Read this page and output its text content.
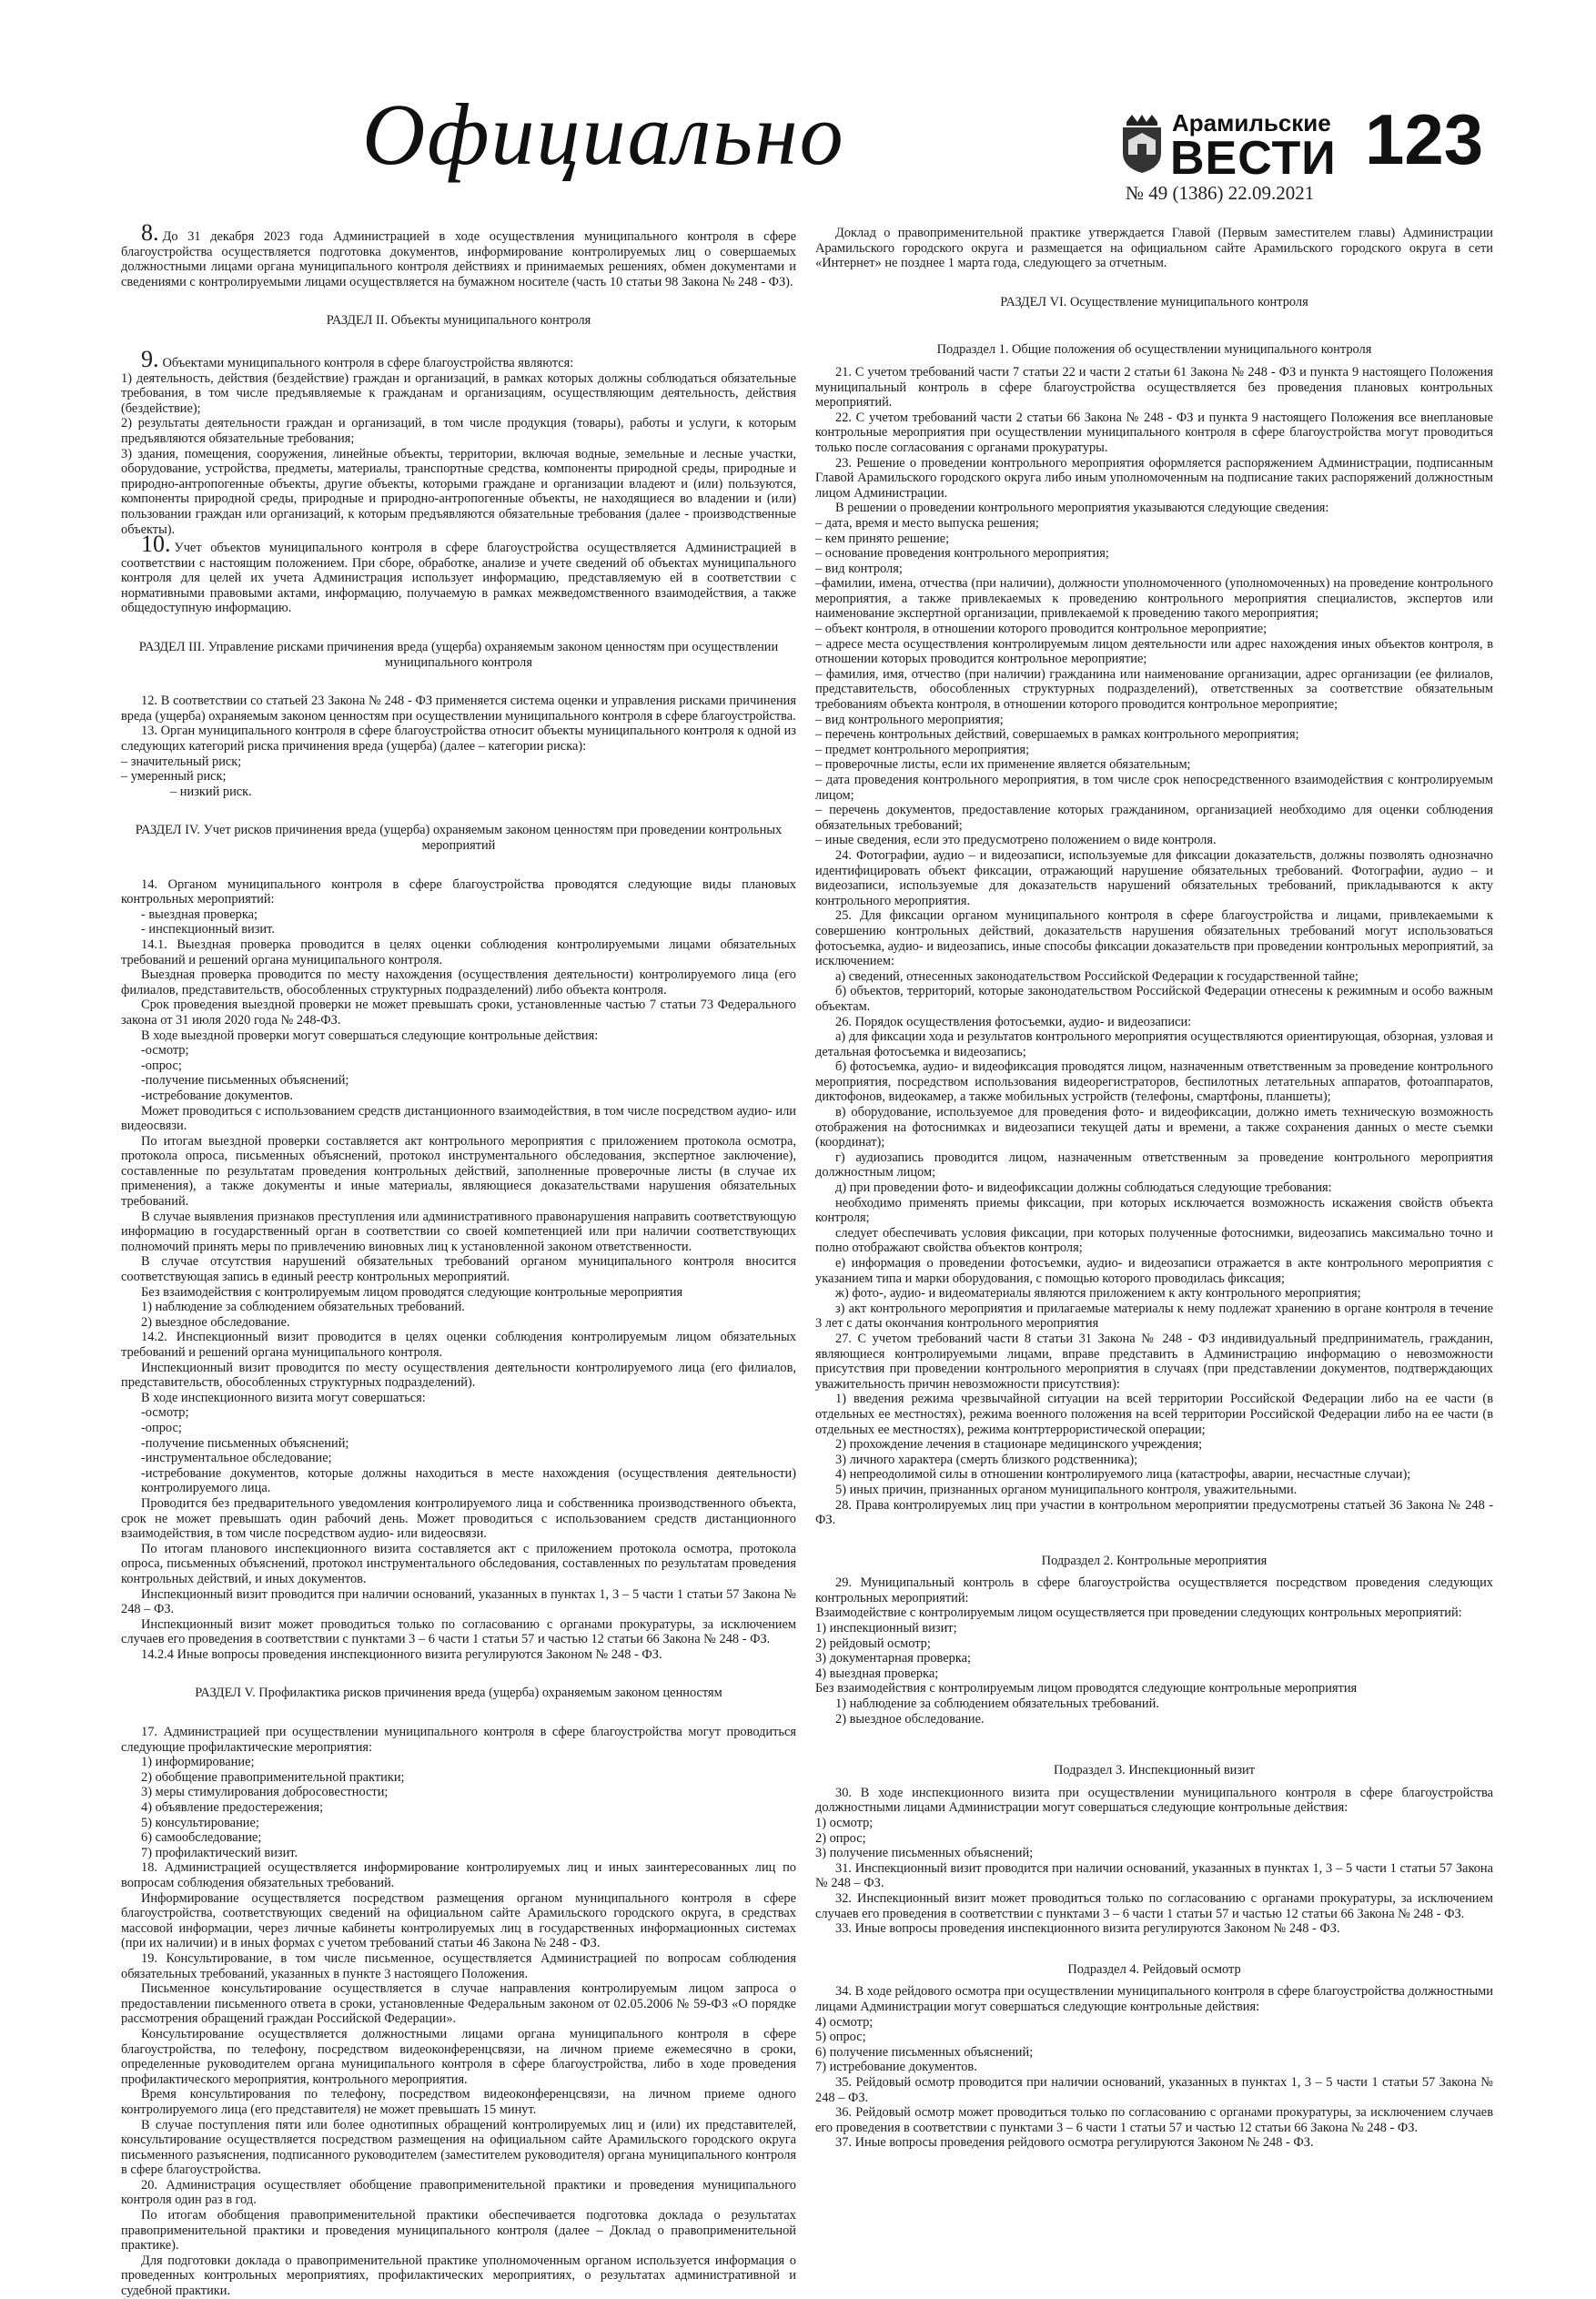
Официально	Арамильские
ВЕСТИ 123
№ 49 (1386) 22.09.2021

8. До 31 декабря 2023 года Администрацией в ходе осуществления муниципального контроля в сфере благоустройства осуществляется подготовка документов, информирование контролируемых лиц о совершаемых должностными лицами органа муниципального контроля действиях и принимаемых решениях, обмен документами и сведениями с контролируемыми лицами осуществляется на бумажном носителе (часть 10 статьи 98 Закона № 248 - ФЗ).

РАЗДЕЛ II. Объекты муниципального контроля

9. Объектами муниципального контроля в сфере благоустройства являются:

1) деятельность, действия (бездействие) граждан и организаций, в рамках которых должны соблюдаться обязательные требования, в том числе предъявляемые к гражданам и организациям, осуществляющим деятельность, действия (бездействие);

2) результаты деятельности граждан и организаций, в том числе продукция (товары), работы и услуги, к которым предъявляются обязательные требования;

3) здания, помещения, сооружения, линейные объекты, территории, включая водные, земельные и лесные участки, оборудование, устройства, предметы, материалы, транспортные средства, компоненты природной среды, природные и природно-антропогенные объекты, другие объекты, которыми граждане и организации владеют и (или) пользуются, компоненты природной среды, природные и природно-антропогенные объекты, не находящиеся во владении и (или) пользовании граждан или организаций, к которым предъявляются обязательные требования (далее - производственные объекты).

10. Учет объектов муниципального контроля в сфере благоустройства осуществляется Администрацией в соответствии с настоящим положением. При сборе, обработке, анализе и учете сведений об объектах муниципального контроля для целей их учета Администрация использует информацию, представляемую ей в соответствии с нормативными правовыми актами, информацию, получаемую в рамках межведомственного взаимодействия, а также общедоступную информацию.

РАЗДЕЛ III. Управление рисками причинения вреда (ущерба) охраняемым законом ценностям при осуществлении муниципального контроля

12. В соответствии со статьей 23 Закона № 248 - ФЗ применяется система оценки и управления рисками причинения вреда (ущерба) охраняемым законом ценностям при осуществлении муниципального контроля в сфере благоустройства.

13. Орган муниципального контроля в сфере благоустройства относит объекты муниципального контроля к одной из следующих категорий риска причинения вреда (ущерба) (далее – категории риска):

– значительный риск;

– умеренный риск;

– низкий риск.

РАЗДЕЛ IV. Учет рисков причинения вреда (ущерба) охраняемым законом ценностям при проведении контрольных мероприятий

14. Органом муниципального контроля в сфере благоустройства проводятся следующие виды плановых контрольных мероприятий:

- выездная проверка;

- инспекционный визит.

14.1. Выездная проверка проводится в целях оценки соблюдения контролируемыми лицами обязательных требований и решений органа муниципального контроля.

Выездная проверка проводится по месту нахождения (осуществления деятельности) контролируемого лица (его филиалов, представительств, обособленных структурных подразделений) либо объекта контроля.

Срок проведения выездной проверки не может превышать сроки, установленные частью 7 статьи 73 Федерального закона от 31 июля 2020 года № 248-ФЗ.

В ходе выездной проверки могут совершаться следующие контрольные действия:

-осмотр;

-опрос;

-получение письменных объяснений;

-истребование документов.

Может проводиться с использованием средств дистанционного взаимодействия, в том числе посредством аудио- или видеосвязи.

По итогам выездной проверки составляется акт контрольного мероприятия с приложением протокола осмотра, протокола опроса, письменных объяснений, протокол инструментального обследования, экспертное заключение), составленные по результатам проведения контрольных действий, заполненные проверочные листы (в случае их применения), а также документы и иные материалы, являющиеся доказательствами нарушения обязательных требований.

В случае выявления признаков преступления или административного правонарушения направить соответствующую информацию в государственный орган в соответствии со своей компетенцией или при наличии соответствующих полномочий принять меры по привлечению виновных лиц к установленной законом ответственности.

В случае отсутствия нарушений обязательных требований органом муниципального контроля вносится соответствующая запись в единый реестр контрольных мероприятий.

Без взаимодействия с контролируемым лицом проводятся следующие контрольные мероприятия

1) наблюдение за соблюдением обязательных требований.

2) выездное обследование.

14.2. Инспекционный визит проводится в целях оценки соблюдения контролируемым лицом обязательных требований и решений органа муниципального контроля.

Инспекционный визит проводится по месту осуществления деятельности контролируемого лица (его филиалов, представительств, обособленных структурных подразделений).

В ходе инспекционного визита могут совершаться:

-осмотр;

-опрос;

-получение письменных объяснений;

-инструментальное обследование;

-истребование документов, которые должны находиться в месте нахождения (осуществления деятельности) контролируемого лица.

Проводится без предварительного уведомления контролируемого лица и собственника производственного объекта, срок не может превышать один рабочий день. Может проводиться с использованием средств дистанционного взаимодействия, в том числе посредством аудио- или видеосвязи.

По итогам планового инспекционного визита составляется акт с приложением протокола осмотра, протокола опроса, письменных объяснений, протокол инструментального обследования, составленных по результатам проведения контрольных действий, и иных документов.

Инспекционный визит проводится при наличии оснований, указанных в пунктах 1, 3 – 5 части 1 статьи 57 Закона № 248 – ФЗ.

Инспекционный визит может проводиться только по согласованию с органами прокуратуры, за исключением случаев его проведения в соответствии с пунктами 3 – 6 части 1 статьи 57 и частью 12 статьи 66 Закона № 248 - ФЗ.

14.2.4 Иные вопросы проведения инспекционного визита регулируются Законом № 248 - ФЗ.

РАЗДЕЛ V. Профилактика рисков причинения вреда (ущерба) охраняемым законом ценностям

17. Администрацией при осуществлении муниципального контроля в сфере благоустройства могут проводиться следующие профилактические мероприятия:

1) информирование;

2) обобщение правоприменительной практики;

3) меры стимулирования добросовестности;

4) объявление предостережения;

5) консультирование;

6) самообследование;

7) профилактический визит.

18. Администрацией осуществляется информирование контролируемых лиц и иных заинтересованных лиц по вопросам соблюдения обязательных требований.

Информирование осуществляется посредством размещения органом муниципального контроля в сфере благоустройства, соответствующих сведений на официальном сайте Арамильского городского округа, в средствах массовой информации, через личные кабинеты контролируемых лиц в государственных информационных системах (при их наличии) и в иных формах с учетом требований статьи 46 Закона № 248 - ФЗ.

19. Консультирование, в том числе письменное, осуществляется Администрацией по вопросам соблюдения обязательных требований, указанных в пункте 3 настоящего Положения.

Письменное консультирование осуществляется в случае направления контролируемым лицом запроса о предоставлении письменного ответа в сроки, установленные Федеральным законом от 02.05.2006 № 59-ФЗ «О порядке рассмотрения обращений граждан Российской Федерации».

Консультирование осуществляется должностными лицами органа муниципального контроля в сфере благоустройства, по телефону, посредством видеоконференцсвязи, на личном приеме ежемесячно в сроки, определенные руководителем органа муниципального контроля в сфере благоустройства, либо в ходе проведения профилактического мероприятия, контрольного мероприятия.

Время консультирования по телефону, посредством видеоконференцсвязи, на личном приеме одного контролируемого лица (его представителя) не может превышать 15 минут.

В случае поступления пяти или более однотипных обращений контролируемых лиц и (или) их представителей, консультирование осуществляется посредством размещения на официальном сайте Арамильского городского округа письменного разъяснения, подписанного руководителем (заместителем руководителя) органа муниципального контроля в сфере благоустройства.

20. Администрация осуществляет обобщение правоприменительной практики и проведения муниципального контроля один раз в год.

По итогам обобщения правоприменительной практики обеспечивается подготовка доклада о результатах правоприменительной практики и проведения муниципального контроля (далее – Доклад о правоприменительной практике).

Для подготовки доклада о правоприменительной практике уполномоченным органом используется информация о проведенных контрольных мероприятиях, профилактических мероприятиях, о результатах административной и судебной практики.

Доклад о правоприменительной практике утверждается Главой (Первым заместителем главы) Администрации Арамильского городского округа и размещается на официальном сайте Арамильского городского округа в сети «Интернет» не позднее 1 марта года, следующего за отчетным.

РАЗДЕЛ VI. Осуществление муниципального контроля

Подраздел 1. Общие положения об осуществлении муниципального контроля

21. С учетом требований части 7 статьи 22 и части 2 статьи 61 Закона № 248 - ФЗ и пункта 9 настоящего Положения муниципальный контроль в сфере благоустройства осуществляется без проведения плановых контрольных мероприятий.

22. С учетом требований части 2 статьи 66 Закона № 248 - ФЗ и пункта 9 настоящего Положения все внеплановые контрольные мероприятия при осуществлении муниципального контроля в сфере благоустройства могут проводиться только после согласования с органами прокуратуры.

23. Решение о проведении контрольного мероприятия оформляется распоряжением Администрации, подписанным Главой Арамильского городского округа либо иным уполномоченным на подписание таких распоряжений должностным лицом Администрации.

В решении о проведении контрольного мероприятия указываются следующие сведения:

– дата, время и место выпуска решения;

– кем принято решение;

– основание проведения контрольного мероприятия;

– вид контроля;

–фамилии, имена, отчества (при наличии), должности уполномоченного (уполномоченных) на проведение контрольного мероприятия, а также привлекаемых к проведению контрольного мероприятия специалистов, экспертов или наименование экспертной организации, привлекаемой к проведению такого мероприятия;

– объект контроля, в отношении которого проводится контрольное мероприятие;

– адресе места осуществления контролируемым лицом деятельности или адрес нахождения иных объектов контроля, в отношении которых проводится контрольное мероприятие;

– фамилия, имя, отчество (при наличии) гражданина или наименование организации, адрес организации (ее филиалов, представительств, обособленных структурных подразделений), ответственных за соответствие обязательным требованиям объекта контроля, в отношении которого проводится контрольное мероприятие;

– вид контрольного мероприятия;

– перечень контрольных действий, совершаемых в рамках контрольного мероприятия;

– предмет контрольного мероприятия;

– проверочные листы, если их применение является обязательным;

– дата проведения контрольного мероприятия, в том числе срок непосредственного взаимодействия с контролируемым лицом;

– перечень документов, предоставление которых гражданином, организацией необходимо для оценки соблюдения обязательных требований;

– иные сведения, если это предусмотрено положением о виде контроля.

24. Фотографии, аудио – и видеозаписи, используемые для фиксации доказательств, должны позволять однозначно идентифицировать объект фиксации, отражающий нарушение обязательных требований. Фотографии, аудио – и видеозаписи, используемые для доказательств нарушений обязательных требований, прикладываются к акту контрольного мероприятия.

25. Для фиксации органом муниципального контроля в сфере благоустройства и лицами, привлекаемыми к совершению контрольных действий, доказательств нарушения обязательных требований могут использоваться фотосъемка, аудио- и видеозапись, иные способы фиксации доказательств при проведении контрольных мероприятий, за исключением:

а) сведений, отнесенных законодательством Российской Федерации к государственной тайне;

б) объектов, территорий, которые законодательством Российской Федерации отнесены к режимным и особо важным объектам.

26. Порядок осуществления фотосъемки, аудио- и видеозаписи:

а) для фиксации хода и результатов контрольного мероприятия осуществляются ориентирующая, обзорная, узловая и детальная фотосъемка и видеозапись;

б) фотосъемка, аудио- и видеофиксация проводятся лицом, назначенным ответственным за проведение контрольного мероприятия, посредством использования видеорегистраторов, беспилотных летательных аппаратов, фотоаппаратов, диктофонов, видеокамер, а также мобильных устройств (телефоны, смартфоны, планшеты);

в) оборудование, используемое для проведения фото- и видеофиксации, должно иметь техническую возможность отображения на фотоснимках и видеозаписи текущей даты и времени, а также сохранения данных о месте съемки (координат);

г) аудиозапись проводится лицом, назначенным ответственным за проведение контрольного мероприятия должностным лицом;

д) при проведении фото- и видеофиксации должны соблюдаться следующие требования:

необходимо применять приемы фиксации, при которых исключается возможность искажения свойств объекта контроля;

следует обеспечивать условия фиксации, при которых полученные фотоснимки, видеозапись максимально точно и полно отображают свойства объектов контроля;

е) информация о проведении фотосъемки, аудио- и видеозаписи отражается в акте контрольного мероприятия с указанием типа и марки оборудования, с помощью которого проводилась фиксация;

ж) фото-, аудио- и видеоматериалы являются приложением к акту контрольного мероприятия;

з) акт контрольного мероприятия и прилагаемые материалы к нему подлежат хранению в органе контроля в течение 3 лет с даты окончания контрольного мероприятия

27. С учетом требований части 8 статьи 31 Закона № 248 - ФЗ индивидуальный предприниматель, гражданин, являющиеся контролируемыми лицами, вправе представить в Администрацию информацию о невозможности присутствия при проведении контрольного мероприятия в случаях (при представлении документов, подтверждающих уважительность причин невозможности присутствия):

1) введения режима чрезвычайной ситуации на всей территории Российской Федерации либо на ее части (в отдельных ее местностях), режима военного положения на всей территории Российской Федерации либо на ее части (в отдельных ее местностях), режима контртеррористической операции;

2) прохождение лечения в стационаре медицинского учреждения;

3) личного характера (смерть близкого родственника);

4) непреодолимой силы в отношении контролируемого лица (катастрофы, аварии, несчастные случаи);

5) иных причин, признанных органом муниципального контроля, уважительными.

28. Права контролируемых лиц при участии в контрольном мероприятии предусмотрены статьей 36 Закона № 248 - ФЗ.

Подраздел 2. Контрольные мероприятия

29. Муниципальный контроль в сфере благоустройства осуществляется посредством проведения следующих контрольных мероприятий:

Взаимодействие с контролируемым лицом осуществляется при проведении следующих контрольных мероприятий:

1) инспекционный визит;

2) рейдовый осмотр;

3) документарная проверка;

4) выездная проверка;

Без взаимодействия с контролируемым лицом проводятся следующие контрольные мероприятия

1) наблюдение за соблюдением обязательных требований.

2) выездное обследование.

Подраздел 3. Инспекционный визит

30. В ходе инспекционного визита при осуществлении муниципального контроля в сфере благоустройства должностными лицами Администрации могут совершаться следующие контрольные действия:

1) осмотр;

2) опрос;

3) получение письменных объяснений;

31. Инспекционный визит проводится при наличии оснований, указанных в пунктах 1, 3 – 5 части 1 статьи 57 Закона № 248 – ФЗ.

32. Инспекционный визит может проводиться только по согласованию с органами прокуратуры, за исключением случаев его проведения в соответствии с пунктами 3 – 6 части 1 статьи 57 и частью 12 статьи 66 Закона № 248 - ФЗ.

33. Иные вопросы проведения инспекционного визита регулируются Законом № 248 - ФЗ.

Подраздел 4. Рейдовый осмотр

34. В ходе рейдового осмотра при осуществлении муниципального контроля в сфере благоустройства должностными лицами Администрации могут совершаться следующие контрольные действия:

4) осмотр;

5) опрос;

6) получение письменных объяснений;

7) истребование документов.

35. Рейдовый осмотр проводится при наличии оснований, указанных в пунктах 1, 3 – 5 части 1 статьи 57 Закона № 248 – ФЗ.

36. Рейдовый осмотр может проводиться только по согласованию с органами прокуратуры, за исключением случаев его проведения в соответствии с пунктами 3 – 6 части 1 статьи 57 и частью 12 статьи 66 Закона № 248 - ФЗ.

37. Иные вопросы проведения рейдового осмотра регулируются Законом № 248 - ФЗ.
